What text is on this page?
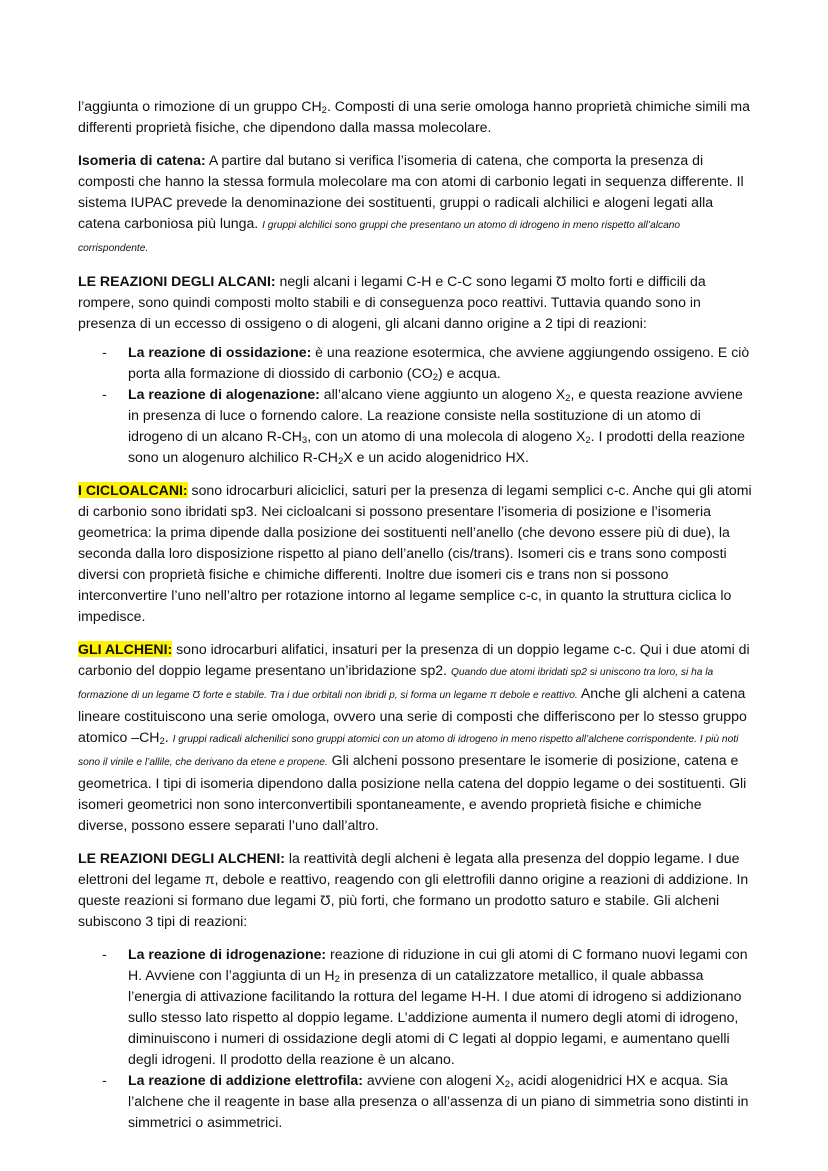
l’aggiunta o rimozione di un gruppo $CH_2$. Composti di una serie omologa hanno proprietà chimiche simili ma differenti proprietà fisiche, che dipendono dalla massa molecolare.

Isomeria di catena: A partire dal butano si verifica l’isomeria di catena, che comporta la presenza di composti che hanno la stessa formula molecolare ma con atomi di carbonio legati in sequenza differente. Il sistema IUPAC prevede la denominazione dei sostituenti, gruppi o radicali alchilici e alogeni legati alla catena carboniosa più lunga. I gruppi alchilici sono gruppi che presentano un atomo di idrogeno in meno rispetto all’alcano corrispondente.

LE REAZIONI DEGLI ALCANI: negli alcani i legami C-H e C-C sono legami Ʊ molto forti e difficili da rompere, sono quindi composti molto stabili e di conseguenza poco reattivi. Tuttavia quando sono in presenza di un eccesso di ossigeno o di alogeni, gli alcani danno origine a 2 tipi di reazioni:

- La reazione di ossidazione: è una reazione esotermica, che avviene aggiungendo ossigeno. E ciò porta alla formazione di diossido di carbonio $(CO_2)$ e acqua.
- La reazione di alogenazione: all’alcano viene aggiunto un alogeno $X_2$, e questa reazione avviene in presenza di luce o fornendo calore. La reazione consiste nella sostituzione di un atomo di idrogeno di un alcano $R-CH_3$, con un atomo di una molecola di alogeno $X_2$. I prodotti della reazione sono un alogenuro alchilico $R-CH_2X$ e un acido alogenidrico HX.

I CICLOALCANI: sono idrocarburi aliciclici, saturi per la presenza di legami semplici c-c. Anche qui gli atomi di carbonio sono ibridati sp3. Nei cicloalcani si possono presentare l’isomeria di posizione e l’isomeria geometrica: la prima dipende dalla posizione dei sostituenti nell’anello (che devono essere più di due), la seconda dalla loro disposizione rispetto al piano dell’anello (cis/trans). Isomeri cis e trans sono composti diversi con proprietà fisiche e chimiche differenti. Inoltre due isomeri cis e trans non si possono interconvertire l’uno nell’altro per rotazione intorno al legame semplice c-c, in quanto la struttura ciclica lo impedisce.

GLI ALCHENI: sono idrocarburi alifatici, insaturi per la presenza di un doppio legame c-c. Qui i due atomi di carbonio del doppio legame presentano un’ibridazione sp2. Quando due atomi ibridati sp2 si uniscono tra loro, si ha la formazione di un legame Ʊ forte e stabile. Tra i due orbitali non ibridi p, si forma un legame π debole e reattivo. Anche gli alcheni a catena lineare costituiscono una serie omologa, ovvero una serie di composti che differiscono per lo stesso gruppo atomico $-CH_2$. I gruppi radicali alchenilici sono gruppi atomici con un atomo di idrogeno in meno rispetto all’alchene corrispondente. I più noti sono il vinile e l’allile, che derivano da etene e propene. Gli alcheni possono presentare le isomerie di posizione, catena e geometrica. I tipi di isomeria dipendono dalla posizione nella catena del doppio legame o dei sostituenti. Gli isomeri geometrici non sono interconvertibili spontaneamente, e avendo proprietà fisiche e chimiche diverse, possono essere separati l’uno dall’altro.

LE REAZIONI DEGLI ALCHENI: la reattività degli alcheni è legata alla presenza del doppio legame. I due elettroni del legame π, debole e reattivo, reagendo con gli elettrofili danno origine a reazioni di addizione. In queste reazioni si formano due legami Ʊ, più forti, che formano un prodotto saturo e stabile. Gli alcheni subiscono 3 tipi di reazioni:

- La reazione di idrogenazione: reazione di riduzione in cui gli atomi di C formano nuovi legami con H. Avviene con l’aggiunta di un $H_2$ in presenza di un catalizzatore metallico, il quale abbassa l’energia di attivazione facilitando la rottura del legame H-H. I due atomi di idrogeno si addizionano sullo stesso lato rispetto al doppio legame. L’addizione aumenta il numero degli atomi di idrogeno, diminuiscono i numeri di ossidazione degli atomi di C legati al doppio legami, e aumentano quelli degli idrogeni. Il prodotto della reazione è un alcano.
- La reazione di addizione elettrofila: avviene con alogeni $X_2$, acidi alogenidrici HX e acqua. Sia l’alchene che il reagente in base alla presenza o all’assenza di un piano di simmetria sono distinti in simmetrici o asimmetrici.
